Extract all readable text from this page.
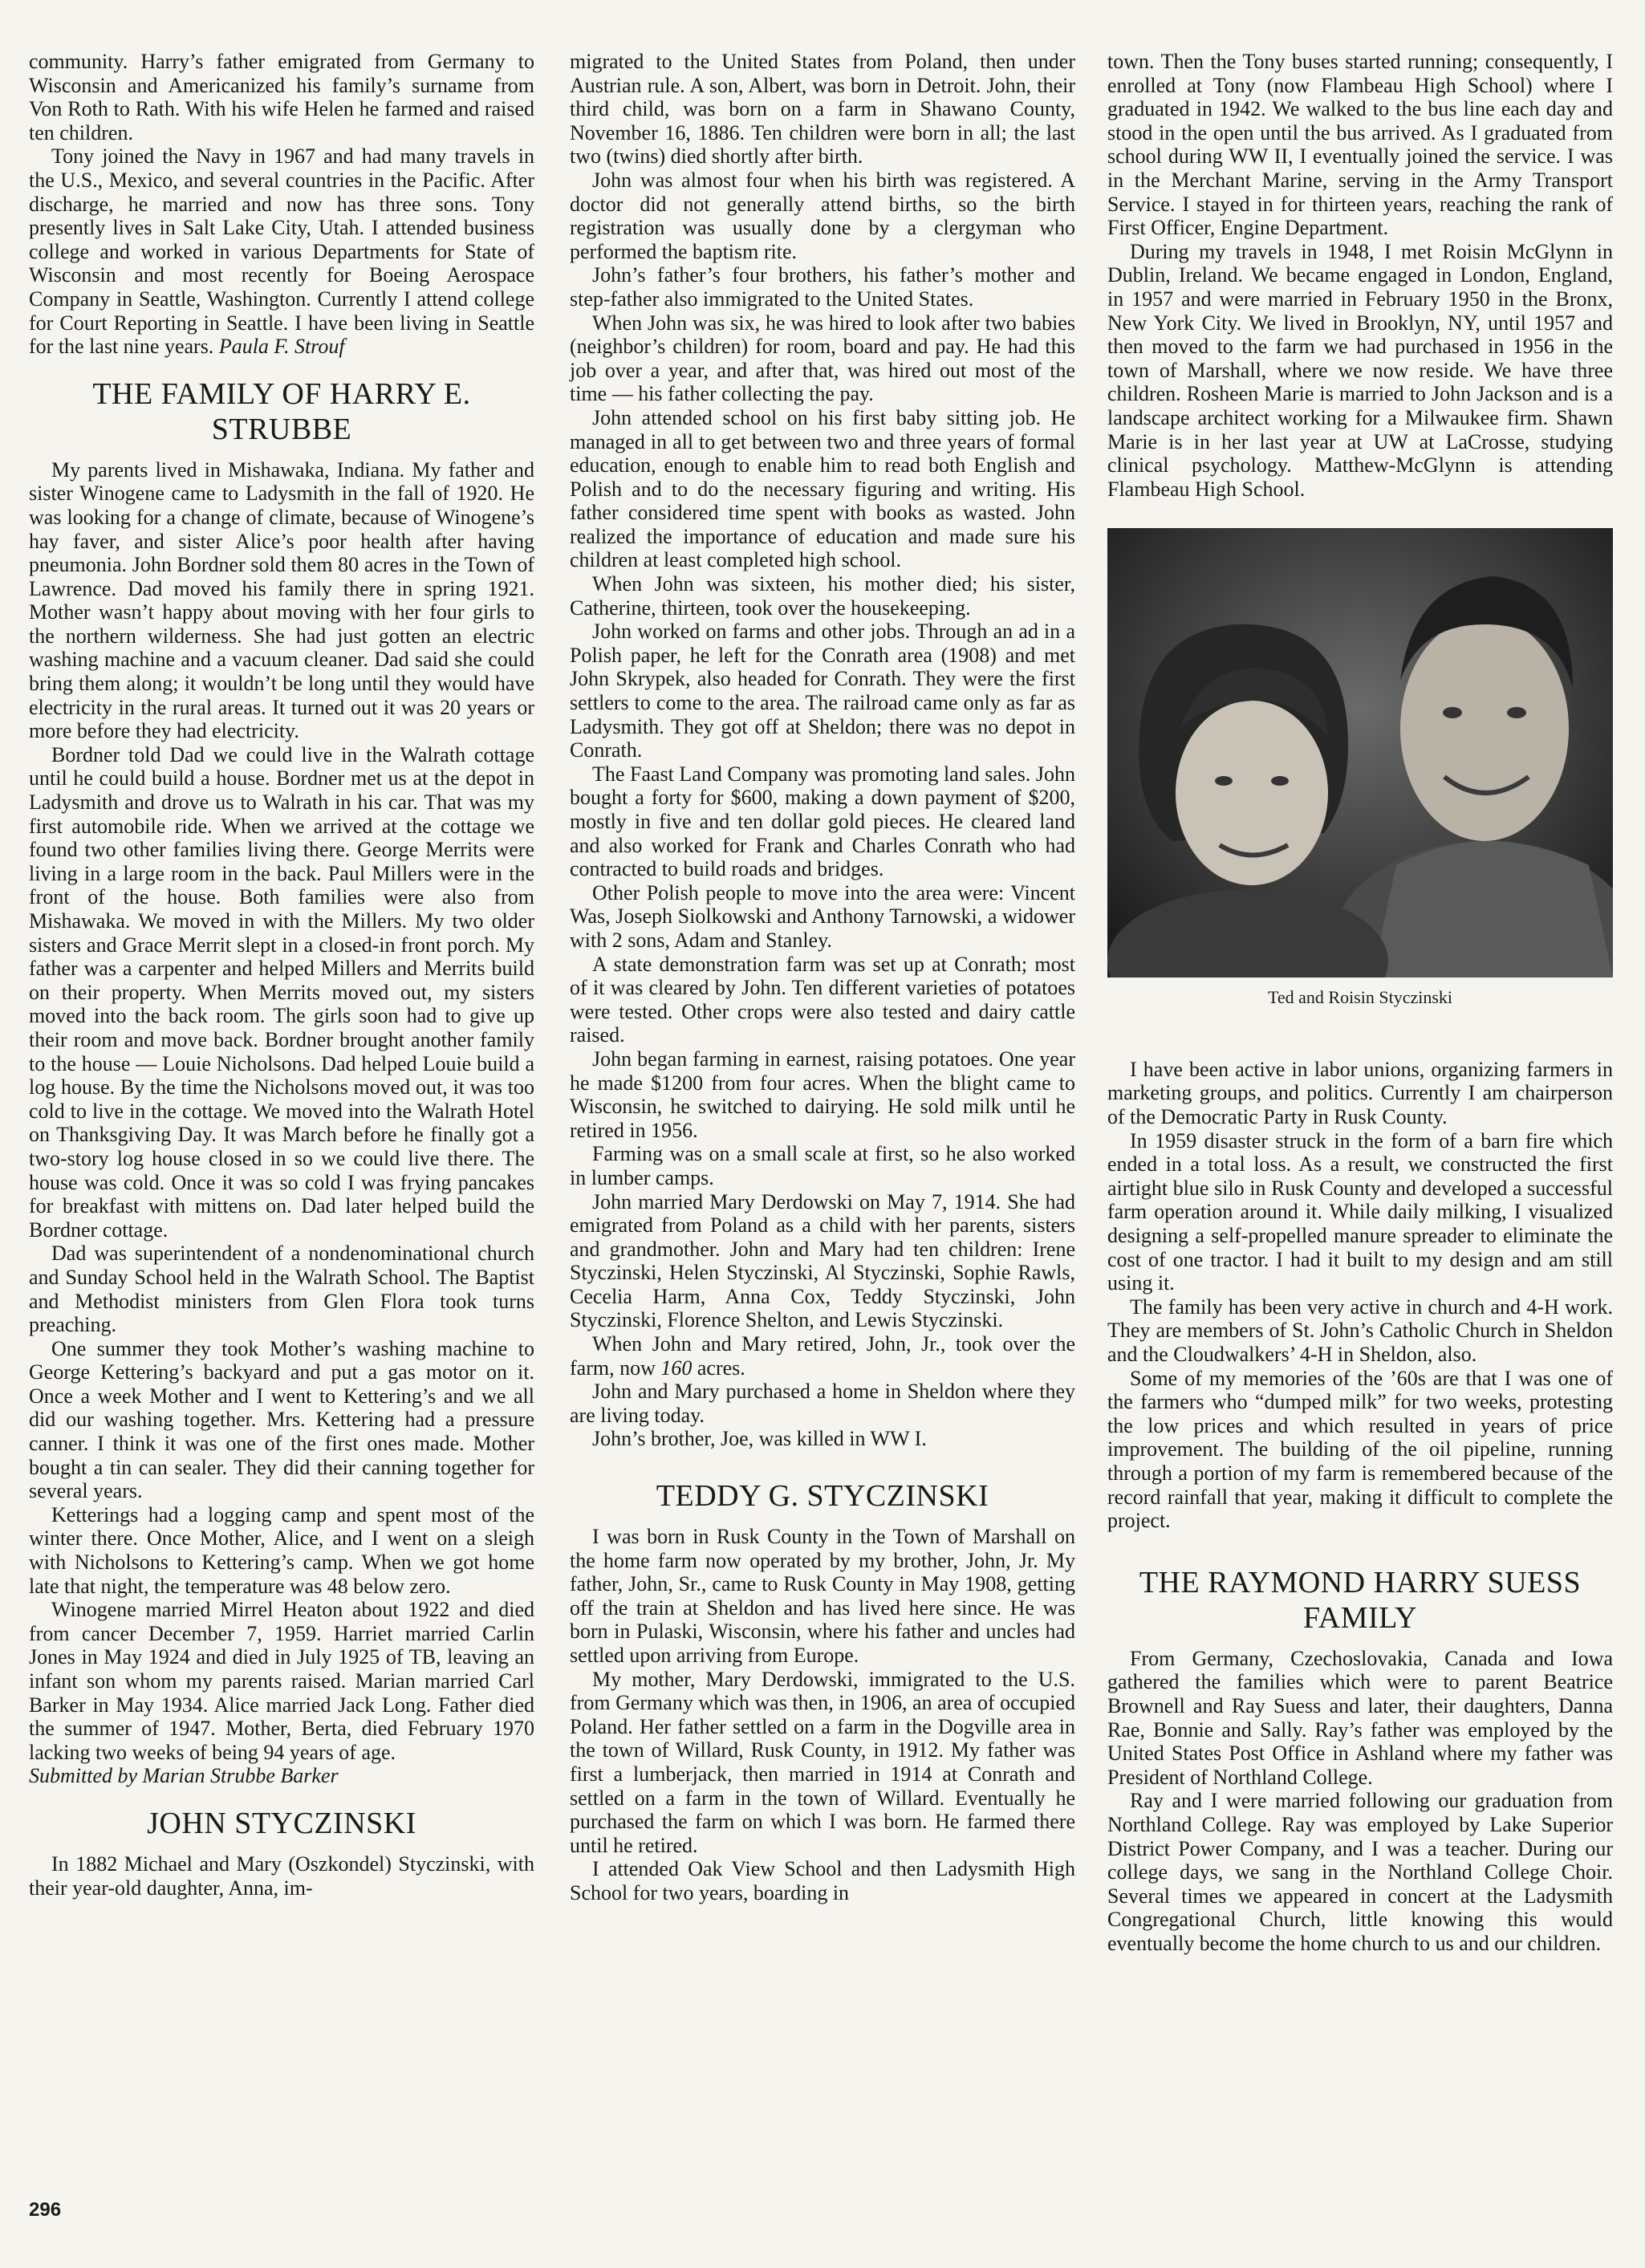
community. Harry’s father emigrated from Germany to Wisconsin and Americanized his family’s surname from Von Roth to Rath. With his wife Helen he farmed and raised ten children.

Tony joined the Navy in 1967 and had many travels in the U.S., Mexico, and several countries in the Pacific. After discharge, he married and now has three sons. Tony presently lives in Salt Lake City, Utah. I attended business college and worked in various Departments for State of Wisconsin and most recently for Boeing Aerospace Company in Seattle, Washington. Currently I attend college for Court Reporting in Seattle. I have been living in Seattle for the last nine years. Paula F. Strouf

THE FAMILY OF HARRY E. STRUBBE

My parents lived in Mishawaka, Indiana. My father and sister Winogene came to Ladysmith in the fall of 1920. He was looking for a change of climate, because of Winogene’s hay faver, and sister Alice’s poor health after having pneumonia. John Bordner sold them 80 acres in the Town of Lawrence. Dad moved his family there in spring 1921. Mother wasn’t happy about moving with her four girls to the northern wilderness. She had just gotten an electric washing machine and a vacuum cleaner. Dad said she could bring them along; it wouldn’t be long until they would have electricity in the rural areas. It turned out it was 20 years or more before they had electricity.

Bordner told Dad we could live in the Walrath cottage until he could build a house. Bordner met us at the depot in Ladysmith and drove us to Walrath in his car. That was my first automobile ride. When we arrived at the cottage we found two other families living there. George Merrits were living in a large room in the back. Paul Millers were in the front of the house. Both families were also from Mishawaka. We moved in with the Millers. My two older sisters and Grace Merrit slept in a closed-in front porch. My father was a carpenter and helped Millers and Merrits build on their property. When Merrits moved out, my sisters moved into the back room. The girls soon had to give up their room and move back. Bordner brought another family to the house — Louie Nicholsons. Dad helped Louie build a log house. By the time the Nicholsons moved out, it was too cold to live in the cottage. We moved into the Walrath Hotel on Thanksgiving Day. It was March before he finally got a two-story log house closed in so we could live there. The house was cold. Once it was so cold I was frying pancakes for breakfast with mittens on. Dad later helped build the Bordner cottage.

Dad was superintendent of a nondenominational church and Sunday School held in the Walrath School. The Baptist and Methodist ministers from Glen Flora took turns preaching.

One summer they took Mother’s washing machine to George Kettering’s backyard and put a gas motor on it. Once a week Mother and I went to Kettering’s and we all did our washing together. Mrs. Kettering had a pressure canner. I think it was one of the first ones made. Mother bought a tin can sealer. They did their canning together for several years.

Ketterings had a logging camp and spent most of the winter there. Once Mother, Alice, and I went on a sleigh with Nicholsons to Kettering’s camp. When we got home late that night, the temperature was 48 below zero.

Winogene married Mirrel Heaton about 1922 and died from cancer December 7, 1959. Harriet married Carlin Jones in May 1924 and died in July 1925 of TB, leaving an infant son whom my parents raised. Marian married Carl Barker in May 1934. Alice married Jack Long. Father died the summer of 1947. Mother, Berta, died February 1970 lacking two weeks of being 94 years of age.

Submitted by Marian Strubbe Barker

JOHN STYCZINSKI

In 1882 Michael and Mary (Oszkondel) Styczinski, with their year-old daughter, Anna, im-

migrated to the United States from Poland, then under Austrian rule. A son, Albert, was born in Detroit. John, their third child, was born on a farm in Shawano County, November 16, 1886. Ten children were born in all; the last two (twins) died shortly after birth.

John was almost four when his birth was registered. A doctor did not generally attend births, so the birth registration was usually done by a clergyman who performed the baptism rite.

John’s father’s four brothers, his father’s mother and step-father also immigrated to the United States.

When John was six, he was hired to look after two babies (neighbor’s children) for room, board and pay. He had this job over a year, and after that, was hired out most of the time — his father collecting the pay.

John attended school on his first baby sitting job. He managed in all to get between two and three years of formal education, enough to enable him to read both English and Polish and to do the necessary figuring and writing. His father considered time spent with books as wasted. John realized the importance of education and made sure his children at least completed high school.

When John was sixteen, his mother died; his sister, Catherine, thirteen, took over the housekeeping.

John worked on farms and other jobs. Through an ad in a Polish paper, he left for the Conrath area (1908) and met John Skrypek, also headed for Conrath. They were the first settlers to come to the area. The railroad came only as far as Ladysmith. They got off at Sheldon; there was no depot in Conrath.

The Faast Land Company was promoting land sales. John bought a forty for $600, making a down payment of $200, mostly in five and ten dollar gold pieces. He cleared land and also worked for Frank and Charles Conrath who had contracted to build roads and bridges.

Other Polish people to move into the area were: Vincent Was, Joseph Siolkowski and Anthony Tarnowski, a widower with 2 sons, Adam and Stanley.

A state demonstration farm was set up at Conrath; most of it was cleared by John. Ten different varieties of potatoes were tested. Other crops were also tested and dairy cattle raised.

John began farming in earnest, raising potatoes. One year he made $1200 from four acres. When the blight came to Wisconsin, he switched to dairying. He sold milk until he retired in 1956.

Farming was on a small scale at first, so he also worked in lumber camps.

John married Mary Derdowski on May 7, 1914. She had emigrated from Poland as a child with her parents, sisters and grandmother. John and Mary had ten children: Irene Styczinski, Helen Styczinski, Al Styczinski, Sophie Rawls, Cecelia Harm, Anna Cox, Teddy Styczinski, John Styczinski, Florence Shelton, and Lewis Styczinski.

When John and Mary retired, John, Jr., took over the farm, now 160 acres.

John and Mary purchased a home in Sheldon where they are living today.

John’s brother, Joe, was killed in WW I.

TEDDY G. STYCZINSKI

I was born in Rusk County in the Town of Marshall on the home farm now operated by my brother, John, Jr. My father, John, Sr., came to Rusk County in May 1908, getting off the train at Sheldon and has lived here since. He was born in Pulaski, Wisconsin, where his father and uncles had settled upon arriving from Europe.

My mother, Mary Derdowski, immigrated to the U.S. from Germany which was then, in 1906, an area of occupied Poland. Her father settled on a farm in the Dogville area in the town of Willard, Rusk County, in 1912. My father was first a lumberjack, then married in 1914 at Conrath and settled on a farm in the town of Willard. Eventually he purchased the farm on which I was born. He farmed there until he retired.

I attended Oak View School and then Ladysmith High School for two years, boarding in

town. Then the Tony buses started running; consequently, I enrolled at Tony (now Flambeau High School) where I graduated in 1942. We walked to the bus line each day and stood in the open until the bus arrived. As I graduated from school during WW II, I eventually joined the service. I was in the Merchant Marine, serving in the Army Transport Service. I stayed in for thirteen years, reaching the rank of First Officer, Engine Department.

During my travels in 1948, I met Roisin McGlynn in Dublin, Ireland. We became engaged in London, England, in 1957 and were married in February 1950 in the Bronx, New York City. We lived in Brooklyn, NY, until 1957 and then moved to the farm we had purchased in 1956 in the town of Marshall, where we now reside. We have three children. Rosheen Marie is married to John Jackson and is a landscape architect working for a Milwaukee firm. Shawn Marie is in her last year at UW at LaCrosse, studying clinical psychology. Matthew-McGlynn is attending Flambeau High School.

Ted and Roisin Styczinski

I have been active in labor unions, organizing farmers in marketing groups, and politics. Currently I am chairperson of the Democratic Party in Rusk County.

In 1959 disaster struck in the form of a barn fire which ended in a total loss. As a result, we constructed the first airtight blue silo in Rusk County and developed a successful farm operation around it. While daily milking, I visualized designing a self-propelled manure spreader to eliminate the cost of one tractor. I had it built to my design and am still using it.

The family has been very active in church and 4-H work. They are members of St. John’s Catholic Church in Sheldon and the Cloudwalkers’ 4-H in Sheldon, also.

Some of my memories of the ’60s are that I was one of the farmers who “dumped milk” for two weeks, protesting the low prices and which resulted in years of price improvement. The building of the oil pipeline, running through a portion of my farm is remembered because of the record rainfall that year, making it difficult to complete the project.

THE RAYMOND HARRY SUESS FAMILY

From Germany, Czechoslovakia, Canada and Iowa gathered the families which were to parent Beatrice Brownell and Ray Suess and later, their daughters, Danna Rae, Bonnie and Sally. Ray’s father was employed by the United States Post Office in Ashland where my father was President of Northland College.

Ray and I were married following our graduation from Northland College. Ray was employed by Lake Superior District Power Company, and I was a teacher. During our college days, we sang in the Northland College Choir. Several times we appeared in concert at the Ladysmith Congregational Church, little knowing this would eventually become the home church to us and our children.

296
